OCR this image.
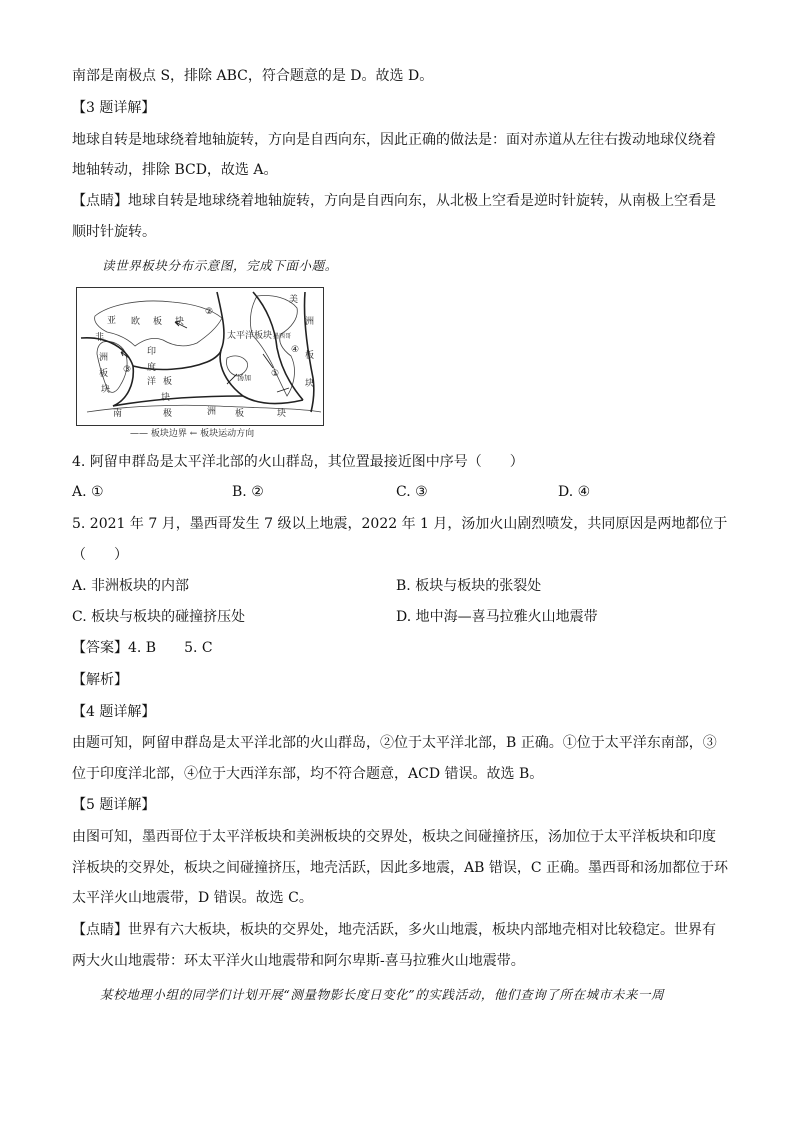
南部是南极点 S，排除 ABC，符合题意的是 D。故选 D。
【3 题详解】
地球自转是地球绕着地轴旋转，方向是自西向东，因此正确的做法是：面对赤道从左往右拨动地球仪绕着
地轴转动，排除 BCD，故选 A。
【点睛】地球自转是地球绕着地轴旋转，方向是自西向东，从北极上空看是逆时针旋转，从南极上空看是
顺时针旋转。
读世界板块分布示意图，完成下面小题。
亚 欧 板 块
非
洲
板
块
印
度
洋 板
块
美
洲
板
块
太平洋板块 墨西哥
汤加
南	极	洲 板	块
①
②
③
④
—— 板块边界 ← 板块运动方向
4. 阿留申群岛是太平洋北部的火山群岛，其位置最接近图中序号（　　）
A. ①	B. ②	C. ③	D. ④
5. 2021 年 7 月，墨西哥发生 7 级以上地震，2022 年 1 月，汤加火山剧烈喷发，共同原因是两地都位于
（　　）
A. 非洲板块的内部	B. 板块与板块的张裂处
C. 板块与板块的碰撞挤压处	D. 地中海—喜马拉雅火山地震带
【答案】4. B　　5. C
【解析】
【4 题详解】
由题可知，阿留申群岛是太平洋北部的火山群岛，②位于太平洋北部，B 正确。①位于太平洋东南部，③
位于印度洋北部，④位于大西洋东部，均不符合题意，ACD 错误。故选 B。
【5 题详解】
由图可知，墨西哥位于太平洋板块和美洲板块的交界处，板块之间碰撞挤压，汤加位于太平洋板块和印度
洋板块的交界处，板块之间碰撞挤压，地壳活跃，因此多地震，AB 错误，C 正确。墨西哥和汤加都位于环
太平洋火山地震带，D 错误。故选 C。
【点睛】世界有六大板块，板块的交界处，地壳活跃，多火山地震，板块内部地壳相对比较稳定。世界有
两大火山地震带：环太平洋火山地震带和阿尔卑斯-喜马拉雅火山地震带。
某校地理小组的同学们计划开展“测量物影长度日变化”的实践活动，他们查询了所在城市未来一周
